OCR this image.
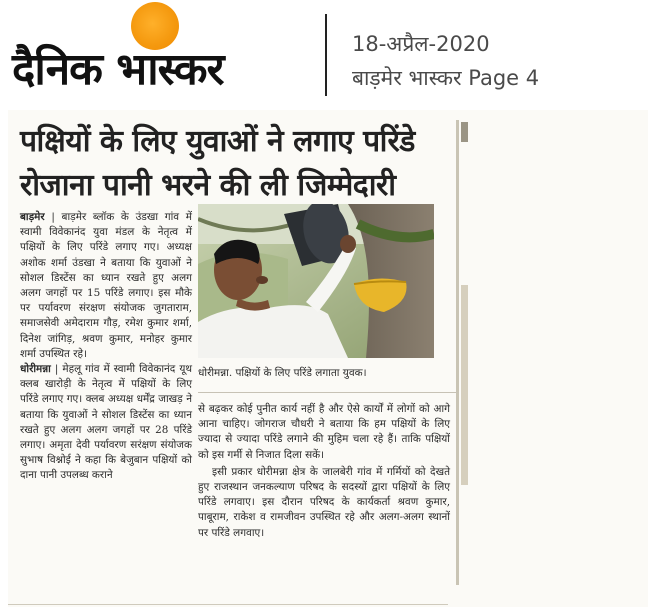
दैनिक भास्कर	18-अप्रैल-2020
बाड़मेर भास्कर Page 4
पक्षियों के लिए युवाओं ने लगाए परिंडे
रोजाना पानी भरने की ली जिम्मेदारी

बाड़मेर | बाड़मेर ब्लॉक के उंडखा गांव में स्वामी विवेकानंद युवा मंडल के नेतृत्व में पक्षियों के लिए परिंडे लगाए गए। अध्यक्ष अशोक शर्मा उंडखा ने बताया कि युवाओं ने सोशल डिस्टेंस का ध्यान रखते हुए अलग अलग जगहों पर 15 परिंडे लगाए। इस मौके पर पर्यावरण संरक्षण संयोजक जुगताराम, समाजसेवी अमेदाराम गौड़, रमेश कुमार शर्मा, दिनेश जांगिड़, श्रवण कुमार, मनोहर कुमार शर्मा उपस्थित रहे।

धोरीमन्ना | मेहलू गांव में स्वामी विवेकानंद यूथ क्लब खारोड़ी के नेतृत्व में पक्षियों के लिए परिंडे लगाए गए। क्लब अध्यक्ष धर्मेंद्र जाखड़ ने बताया कि युवाओं ने सोशल डिस्टेंस का ध्यान रखते हुए अलग अलग जगहों पर 28 परिंडे लगाए। अमृता देवी पर्यावरण सरंक्षण संयोजक सुभाष विश्नोई ने कहा कि बेजुबान पक्षियों को दाना पानी उपलब्ध कराने

धोरीमन्ना. पक्षियों के लिए परिंडे लगाता युवक।

से बढ़कर कोई पुनीत कार्य नहीं है और ऐसे कार्यों में लोगों को आगे आना चाहिए। जोगराज चौधरी ने बताया कि हम पक्षियों के लिए ज्यादा से ज्यादा परिंडे लगाने की मुहिम चला रहे हैं। ताकि पक्षियों को इस गर्मी से निजात दिला सकें।

इसी प्रकार धोरीमन्ना क्षेत्र के जालबेरी गांव में गर्मियों को देखते हुए राजस्थान जनकल्याण परिषद के सदस्यों द्वारा पक्षियों के लिए परिंडे लगवाए। इस दौरान परिषद के कार्यकर्ता श्रवण कुमार, पाबूराम, राकेश व रामजीवन उपस्थित रहे और अलग-अलग स्थानों पर परिंडे लगवाए।
